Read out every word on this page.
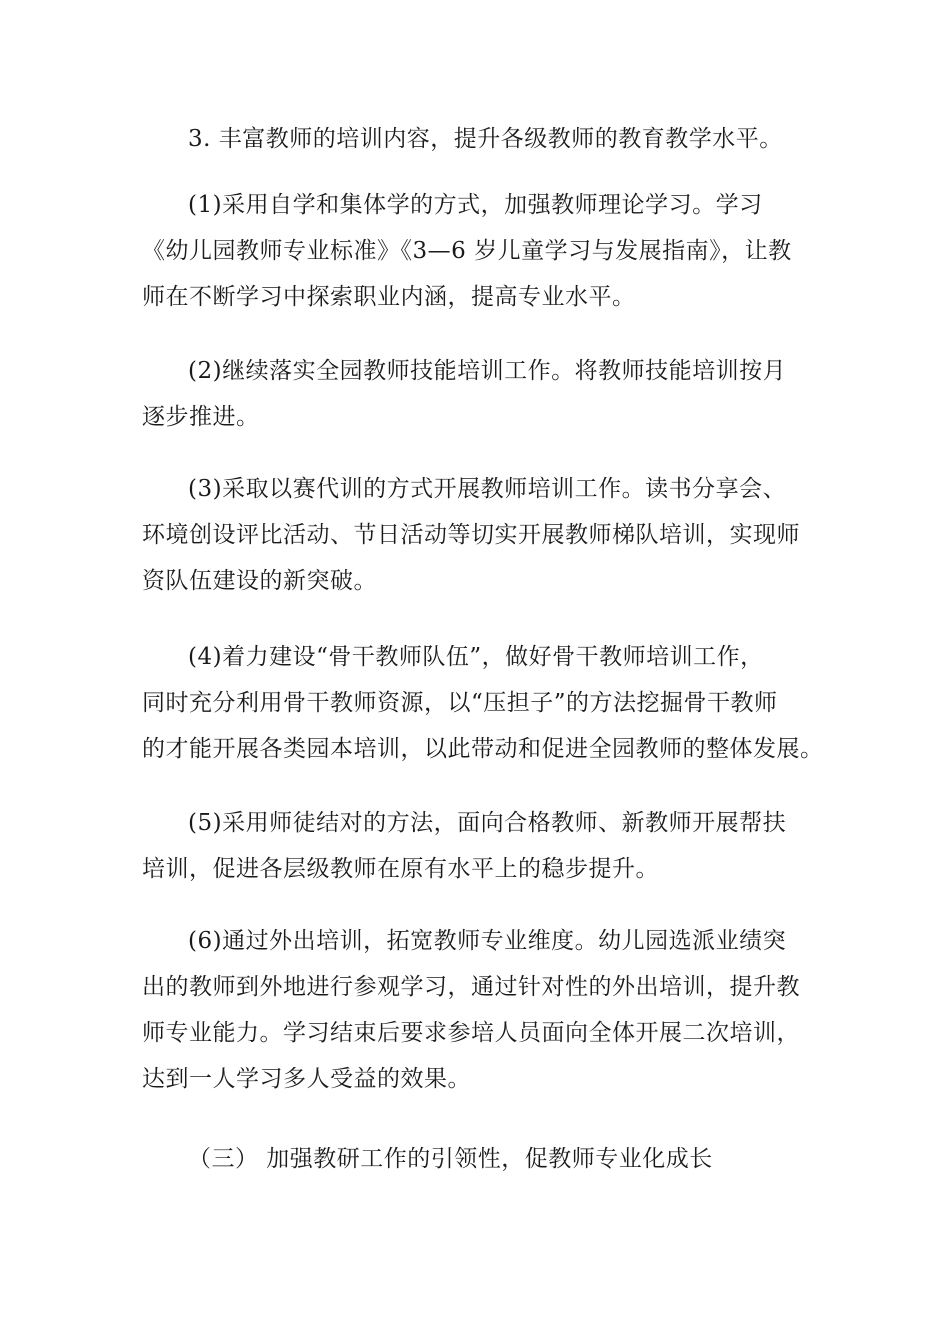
3. 丰富教师的培训内容，提升各级教师的教育教学水平。

(1)采用自学和集体学的方式，加强教师理论学习。学习
《幼儿园教师专业标准》《3—6 岁儿童学习与发展指南》，让教
师在不断学习中探索职业内涵，提高专业水平。

(2)继续落实全园教师技能培训工作。将教师技能培训按月
逐步推进。

(3)采取以赛代训的方式开展教师培训工作。读书分享会、
环境创设评比活动、节日活动等切实开展教师梯队培训，实现师
资队伍建设的新突破。

(4)着力建设“骨干教师队伍”，做好骨干教师培训工作，
同时充分利用骨干教师资源，以“压担子”的方法挖掘骨干教师
的才能开展各类园本培训，以此带动和促进全园教师的整体发展。

(5)采用师徒结对的方法，面向合格教师、新教师开展帮扶
培训，促进各层级教师在原有水平上的稳步提升。

(6)通过外出培训，拓宽教师专业维度。幼儿园选派业绩突
出的教师到外地进行参观学习，通过针对性的外出培训，提升教
师专业能力。学习结束后要求参培人员面向全体开展二次培训，
达到一人学习多人受益的效果。

（三） 加强教研工作的引领性，促教师专业化成长
